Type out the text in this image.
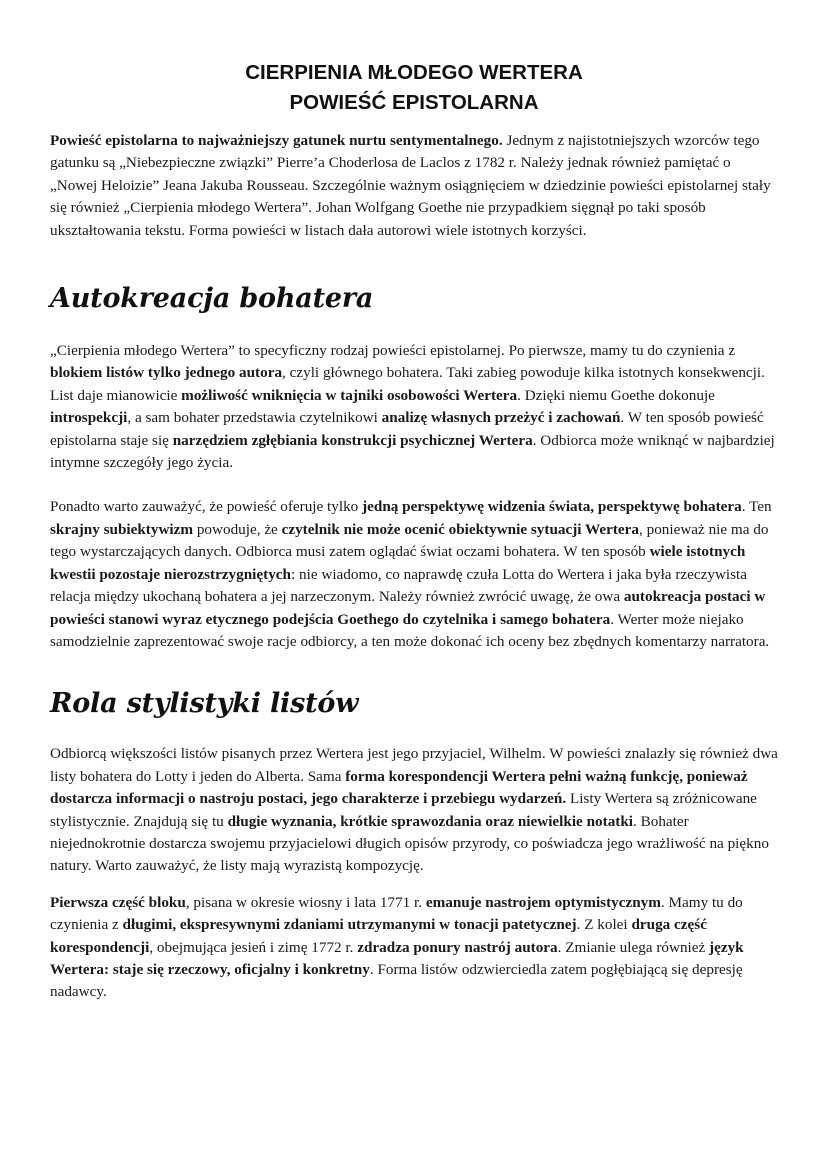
CIERPIENIA MŁODEGO WERTERA
POWIEŚĆ EPISTOLARNA

Powieść epistolarna to najważniejszy gatunek nurtu sentymentalnego. Jednym z najistotniejszych wzorców tego gatunku są „Niebezpieczne związki” Pierre’a Choderlosa de Laclos z 1782 r. Należy jednak również pamiętać o „Nowej Heloizie” Jeana Jakuba Rousseau. Szczególnie ważnym osiągnięciem w dziedzinie powieści epistolarnej stały się również „Cierpienia młodego Wertera”. Johan Wolfgang Goethe nie przypadkiem sięgnął po taki sposób ukształtowania tekstu. Forma powieści w listach dała autorowi wiele istotnych korzyści.

Autokreacja bohatera

„Cierpienia młodego Wertera” to specyficzny rodzaj powieści epistolarnej. Po pierwsze, mamy tu do czynienia z blokiem listów tylko jednego autora, czyli głównego bohatera. Taki zabieg powoduje kilka istotnych konsekwencji. List daje mianowicie możliwość wniknięcia w tajniki osobowości Wertera. Dzięki niemu Goethe dokonuje introspekcji, a sam bohater przedstawia czytelnikowi analizę własnych przeżyć i zachowań. W ten sposób powieść epistolarna staje się narzędziem zgłębiania konstrukcji psychicznej Wertera. Odbiorca może wniknąć w najbardziej intymne szczegóły jego życia.

Ponadto warto zauważyć, że powieść oferuje tylko jedną perspektywę widzenia świata, perspektywę bohatera. Ten skrajny subiektywizm powoduje, że czytelnik nie może ocenić obiektywnie sytuacji Wertera, ponieważ nie ma do tego wystarczających danych. Odbiorca musi zatem oglądać świat oczami bohatera. W ten sposób wiele istotnych kwestii pozostaje nierozstrzygniętych: nie wiadomo, co naprawdę czuła Lotta do Wertera i jaka była rzeczywista relacja między ukochaną bohatera a jej narzeczonym. Należy również zwrócić uwagę, że owa autokreacja postaci w powieści stanowi wyraz etycznego podejścia Goethego do czytelnika i samego bohatera. Werter może niejako samodzielnie zaprezentować swoje racje odbiorcy, a ten może dokonać ich oceny bez zbędnych komentarzy narratora.

Rola stylistyki listów

Odbiorcą większości listów pisanych przez Wertera jest jego przyjaciel, Wilhelm. W powieści znalazły się również dwa listy bohatera do Lotty i jeden do Alberta. Sama forma korespondencji Wertera pełni ważną funkcję, ponieważ dostarcza informacji o nastroju postaci, jego charakterze i przebiegu wydarzeń. Listy Wertera są zróżnicowane stylistycznie. Znajdują się tu długie wyznania, krótkie sprawozdania oraz niewielkie notatki. Bohater niejednokrotnie dostarcza swojemu przyjacielowi długich opisów przyrody, co poświadcza jego wrażliwość na piękno natury. Warto zauważyć, że listy mają wyrazistą kompozycję.

Pierwsza część bloku, pisana w okresie wiosny i lata 1771 r. emanuje nastrojem optymistycznym. Mamy tu do czynienia z długimi, ekspresywnymi zdaniami utrzymanymi w tonacji patetycznej. Z kolei druga część korespondencji, obejmująca jesień i zimę 1772 r. zdradza ponury nastrój autora. Zmianie ulega również język Wertera: staje się rzeczowy, oficjalny i konkretny. Forma listów odzwierciedla zatem pogłębiającą się depresję nadawcy.
